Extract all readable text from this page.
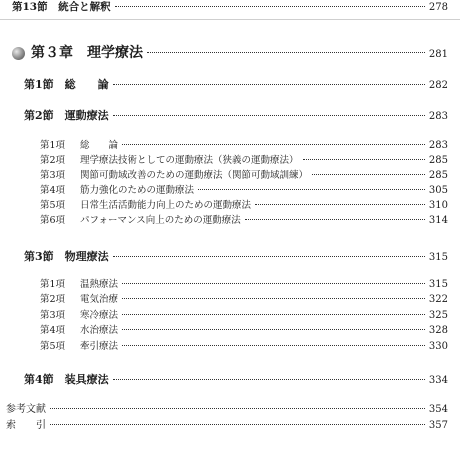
第13節　統合と解釈	278
第３章　理学療法	281
第1節　総　　論	282
第2節　運動療法	283
第1項 総　　論	283
第2項 理学療法技術としての運動療法（狭義の運動療法）	285
第3項 関節可動域改善のための運動療法（関節可動域訓練）	285
第4項 筋力強化のための運動療法	305
第5項 日常生活活動能力向上のための運動療法	310
第6項 パフォーマンス向上のための運動療法	314
第3節　物理療法	315
第1項 温熱療法	315
第2項 電気治療	322
第3項 寒冷療法	325
第4項 水治療法	328
第5項 牽引療法	330
第4節　装具療法	334
参考文献	354
索　　引	357
